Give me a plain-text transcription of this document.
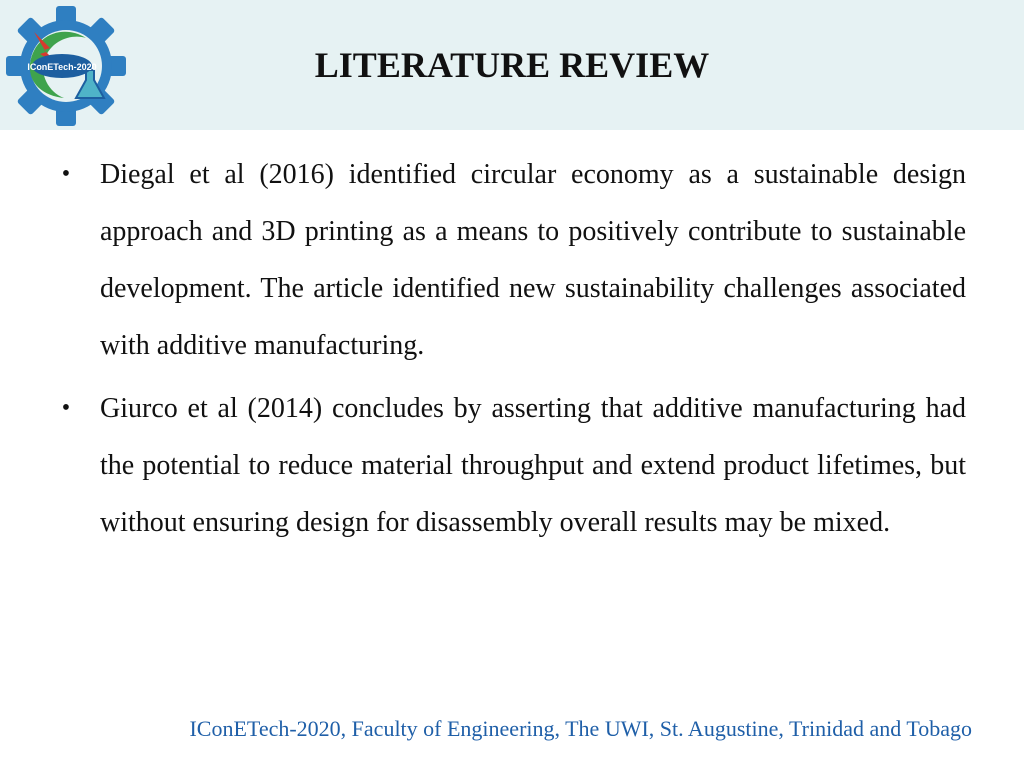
IConETech-2020	LITERATURE REVIEW
• Diegal et al (2016) identified circular economy as a sustainable design approach and 3D printing as a means to positively contribute to sustainable development. The article identified new sustainability challenges associated with additive manufacturing.
• Giurco et al (2014) concludes by asserting that additive manufacturing had the potential to reduce material throughput and extend product lifetimes, but without ensuring design for disassembly overall results may be mixed.
IConETech-2020, Faculty of Engineering, The UWI, St. Augustine, Trinidad and Tobago
